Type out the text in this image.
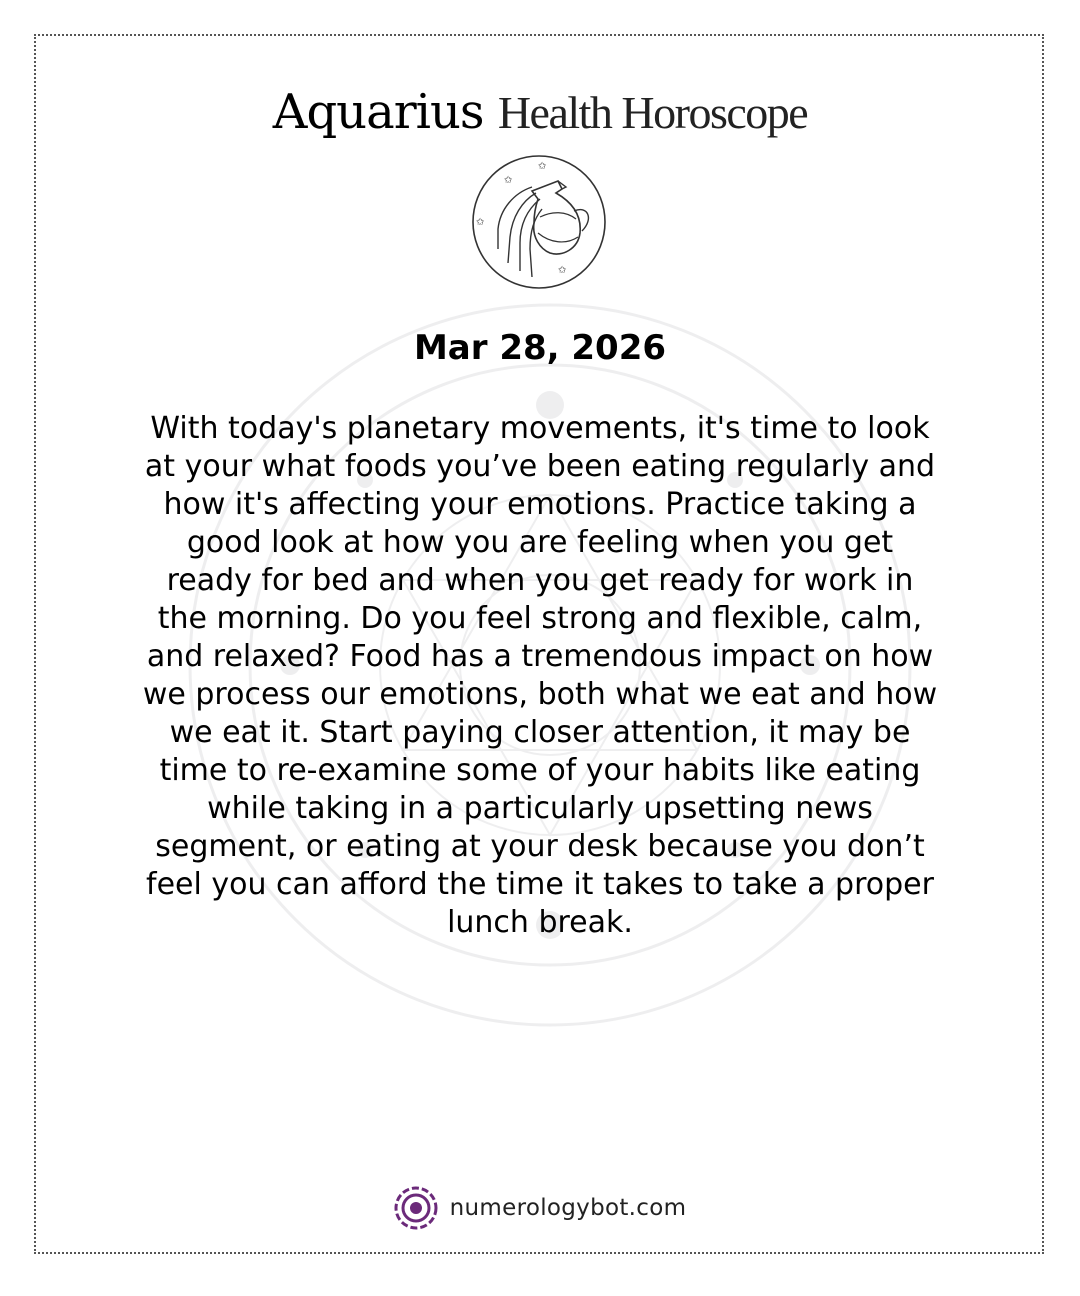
Aquarius Health Horoscope
✩
✩
✩
✩
Mar 28, 2026

With today's planetary movements, it's time to look at your what foods you’ve been eating regularly and how it's affecting your emotions. Practice taking a good look at how you are feeling when you get ready for bed and when you get ready for work in the morning. Do you feel strong and flexible, calm, and relaxed? Food has a tremendous impact on how we process our emotions, both what we eat and how we eat it. Start paying closer attention, it may be time to re-examine some of your habits like eating while taking in a particularly upsetting news segment, or eating at your desk because you don’t feel you can afford the time it takes to take a proper lunch break.

numerologybot.com
